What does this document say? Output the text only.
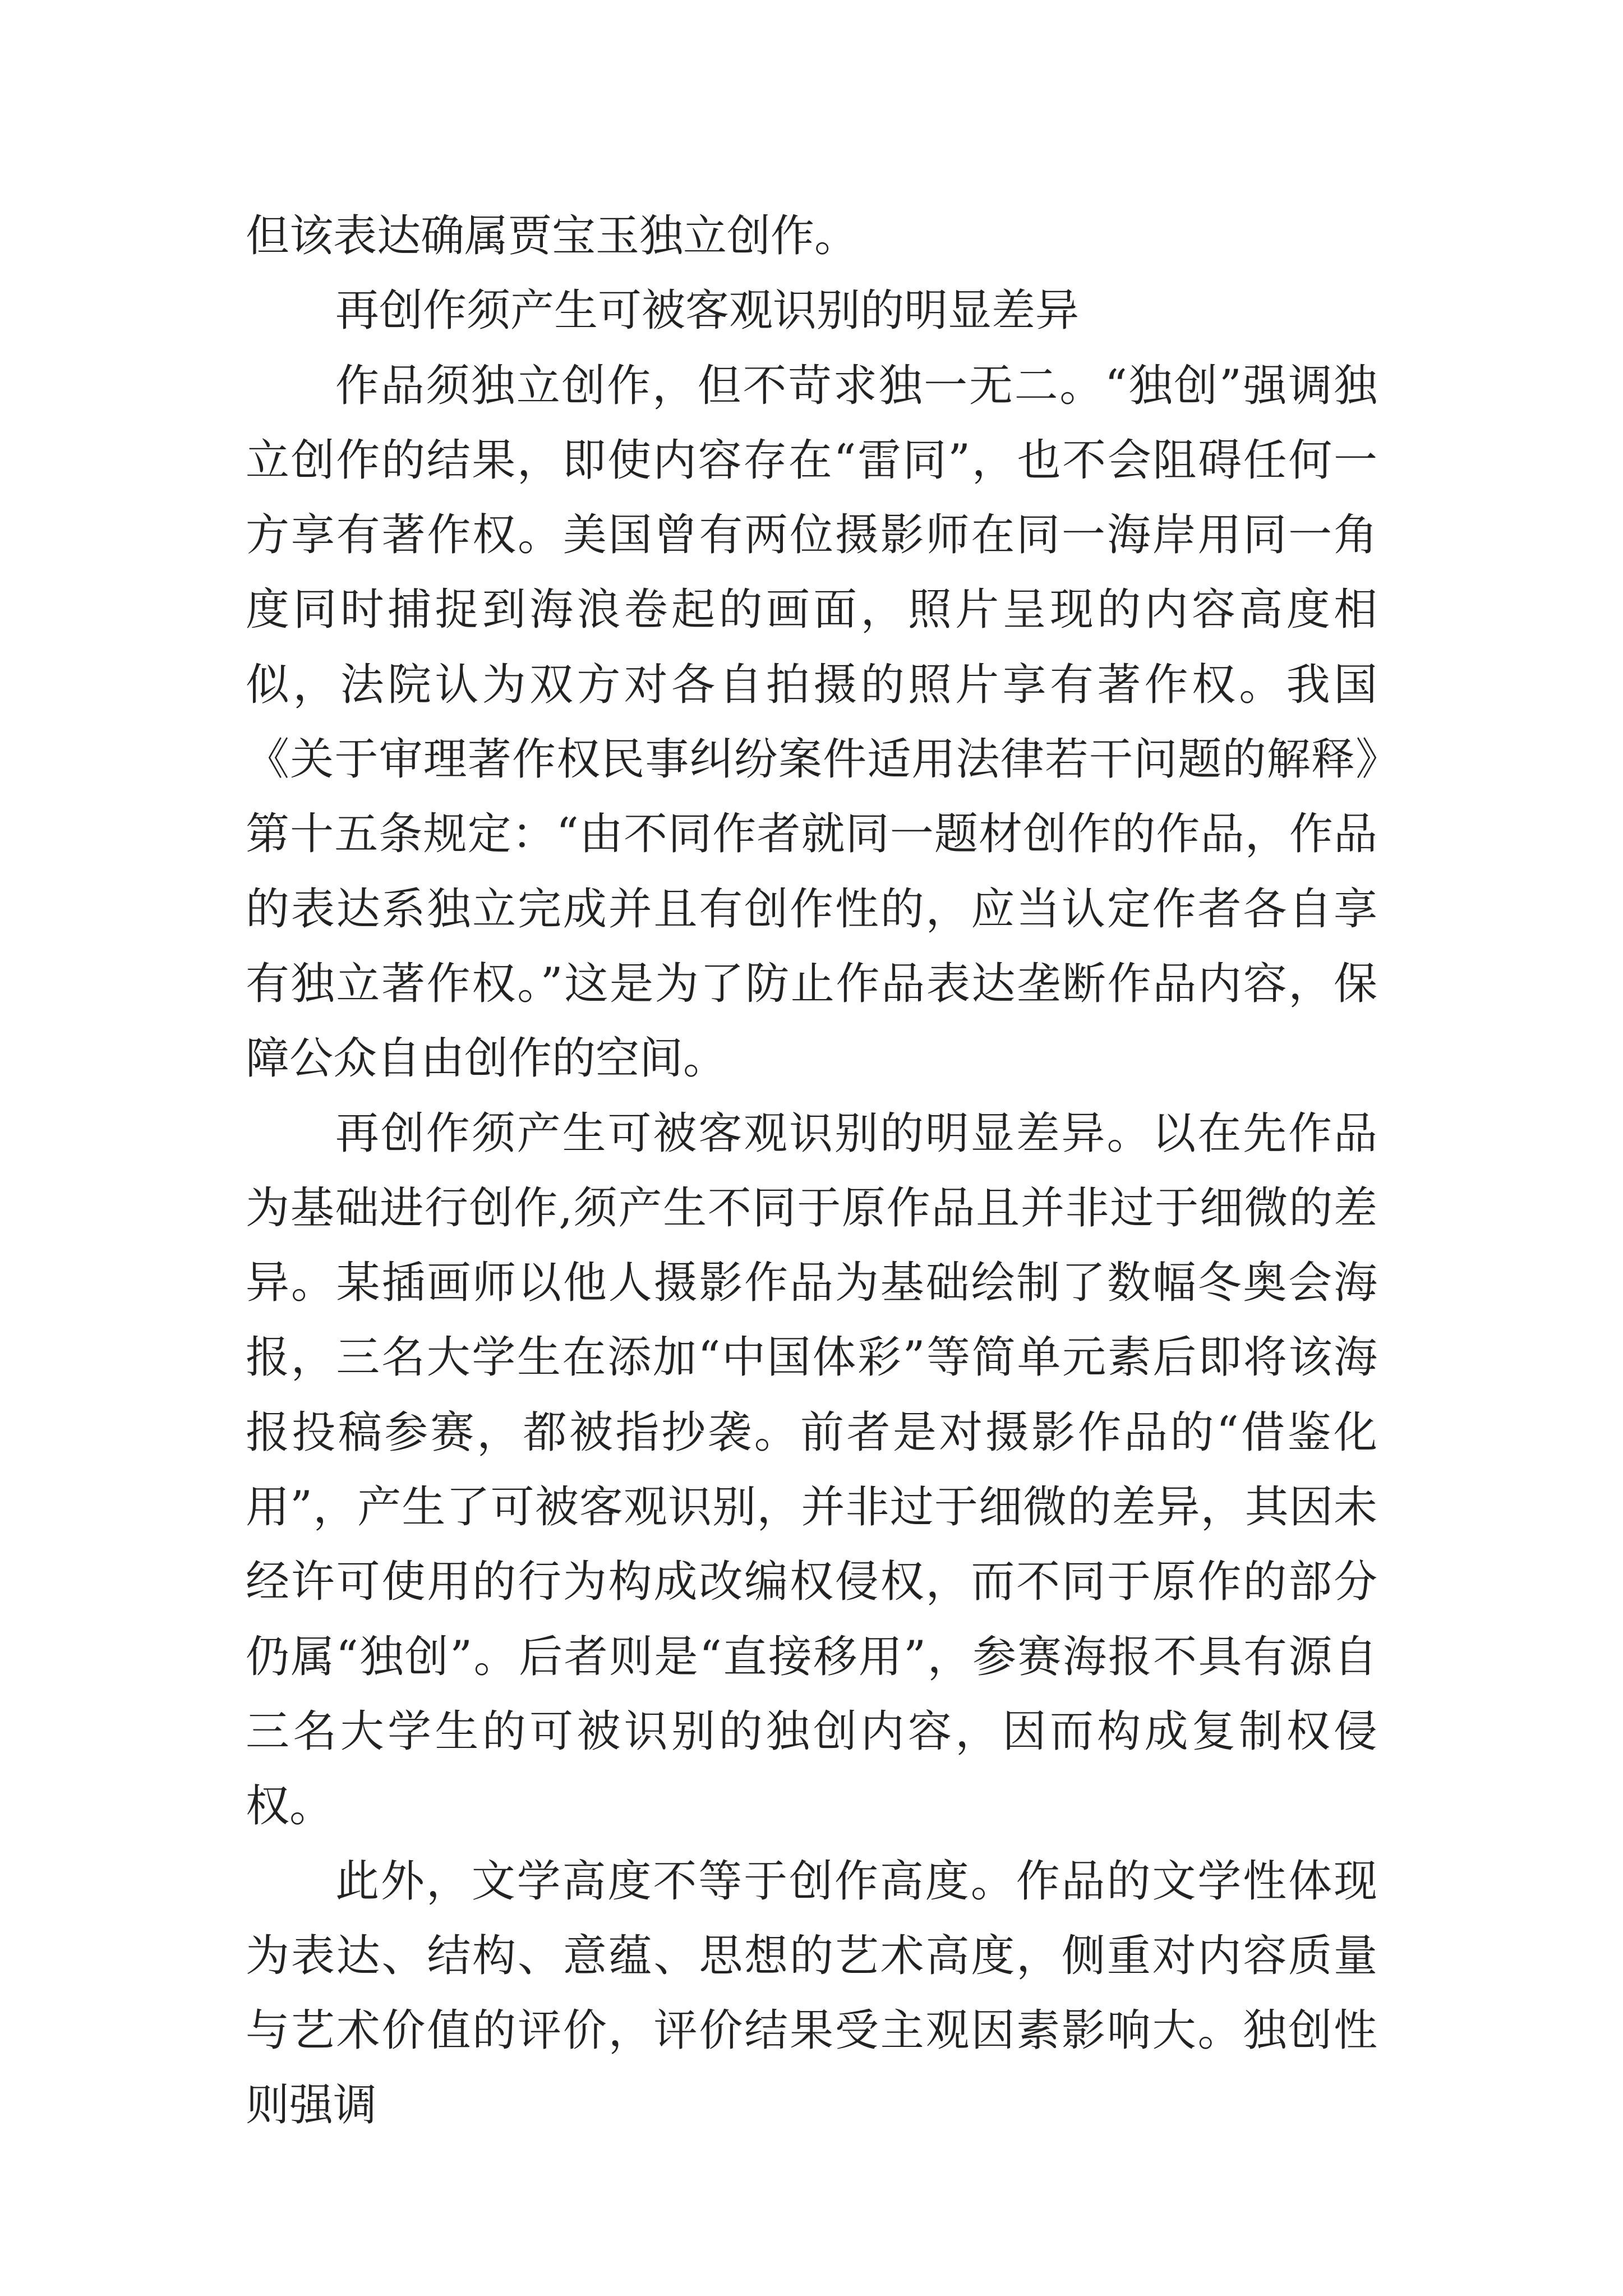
但该表达确属贾宝玉独立创作。

再创作须产生可被客观识别的明显差异

作品须独立创作，但不苛求独一无二。“独创”强调独立创作的结果，即使内容存在“雷同”，也不会阻碍任何一方享有著作权。美国曾有两位摄影师在同一海岸用同一角度同时捕捉到海浪卷起的画面，照片呈现的内容高度相似，法院认为双方对各自拍摄的照片享有著作权。我国《关于审理著作权民事纠纷案件适用法律若干问题的解释》第十五条规定：“由不同作者就同一题材创作的作品，作品的表达系独立完成并且有创作性的，应当认定作者各自享有独立著作权。”这是为了防止作品表达垄断作品内容，保障公众自由创作的空间。

再创作须产生可被客观识别的明显差异。以在先作品为基础进行创作,须产生不同于原作品且并非过于细微的差异。某插画师以他人摄影作品为基础绘制了数幅冬奥会海报，三名大学生在添加“中国体彩”等简单元素后即将该海报投稿参赛，都被指抄袭。前者是对摄影作品的“借鉴化用”，产生了可被客观识别，并非过于细微的差异，其因未经许可使用的行为构成改编权侵权，而不同于原作的部分仍属“独创”。后者则是“直接移用”，参赛海报不具有源自三名大学生的可被识别的独创内容，因而构成复制权侵权。

此外，文学高度不等于创作高度。作品的文学性体现为表达、结构、意蕴、思想的艺术高度，侧重对内容质量与艺术价值的评价，评价结果受主观因素影响大。独创性则强调
